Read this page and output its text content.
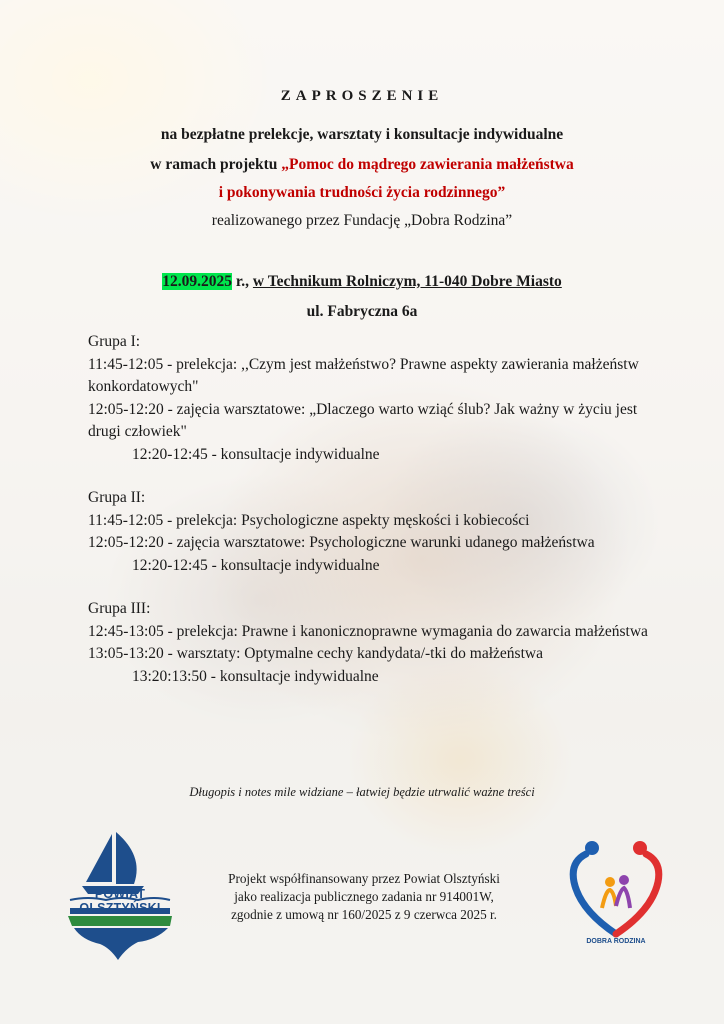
ZAPROSZENIE
na bezpłatne prelekcje, warsztaty i konsultacje indywidualne
w ramach projektu „Pomoc do mądrego zawierania małżeństwa
i pokonywania trudności życia rodzinnego”
realizowanego przez Fundację „Dobra Rodzina”
12.09.2025 r., w Technikum Rolniczym, 11-040 Dobre Miasto
ul. Fabryczna 6a

Grupa I:

11:45-12:05 - prelekcja: ,,Czym jest małżeństwo? Prawne aspekty zawierania małżeństw konkordatowych"

12:05-12:20 - zajęcia warsztatowe: „Dlaczego warto wziąć ślub? Jak ważny w życiu jest drugi człowiek"

12:20-12:45 - konsultacje indywidualne

Grupa II:

11:45-12:05 - prelekcja: Psychologiczne aspekty męskości i kobiecości

12:05-12:20 - zajęcia warsztatowe: Psychologiczne warunki udanego małżeństwa

12:20-12:45 - konsultacje indywidualne

Grupa III:

12:45-13:05 - prelekcja: Prawne i kanonicznoprawne wymagania do zawarcia małżeństwa

13:05-13:20 - warsztaty: Optymalne cechy kandydata/-tki do małżeństwa

13:20:13:50 - konsultacje indywidualne

Długopis i notes mile widziane – łatwiej będzie utrwalić ważne treści
POWIAT OLSZTYŃSKI
DOBRA RODZINA
Projekt współfinansowany przez Powiat Olsztyński
jako realizacja publicznego zadania nr 914001W,
zgodnie z umową nr 160/2025 z 9 czerwca 2025 r.
